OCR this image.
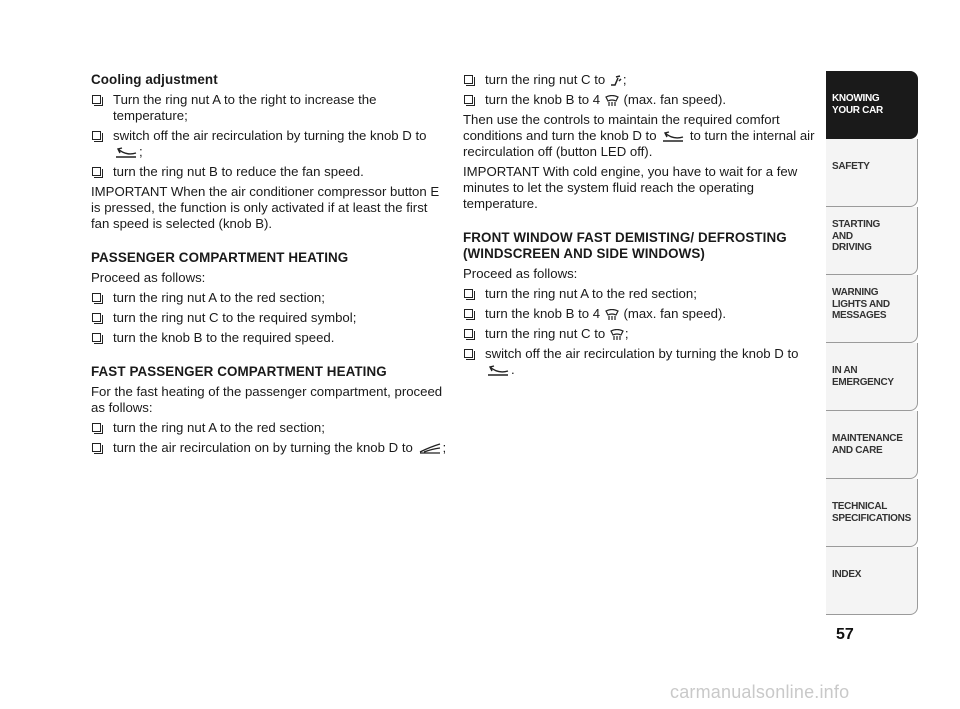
Cooling adjustment
Turn the ring nut A to the right to increase the temperature;
switch off the air recirculation by turning the knob D to ;
turn the ring nut B to reduce the fan speed.

IMPORTANT When the air conditioner compressor button E is pressed, the function is only activated if at least the first fan speed is selected (knob B).

PASSENGER COMPARTMENT HEATING

Proceed as follows:

turn the ring nut A to the red section;
turn the ring nut C to the required symbol;
turn the knob B to the required speed.
FAST PASSENGER COMPARTMENT HEATING

For the fast heating of the passenger compartment, proceed as follows:

turn the ring nut A to the red section;
turn the air recirculation on by turning the knob D to ;
turn the ring nut C to ;
turn the knob B to 4 (max. fan speed).

Then use the controls to maintain the required comfort conditions and turn the knob D to	to turn the internal air recirculation off (button LED off).

IMPORTANT With cold engine, you have to wait for a few minutes to let the system fluid reach the operating temperature.

FRONT WINDOW FAST DEMISTING/ DEFROSTING (WINDSCREEN AND SIDE WINDOWS)

Proceed as follows:

turn the ring nut A to the red section;
turn the knob B to 4 (max. fan speed).
turn the ring nut C to ;
switch off the air recirculation by turning the knob D to .
KNOWING
YOUR CAR
SAFETY
STARTING
AND
DRIVING
WARNING
LIGHTS AND
MESSAGES
IN AN
EMERGENCY
MAINTENANCE
AND CARE
TECHNICAL
SPECIFICATIONS
INDEX
57
carmanualsonline.info
